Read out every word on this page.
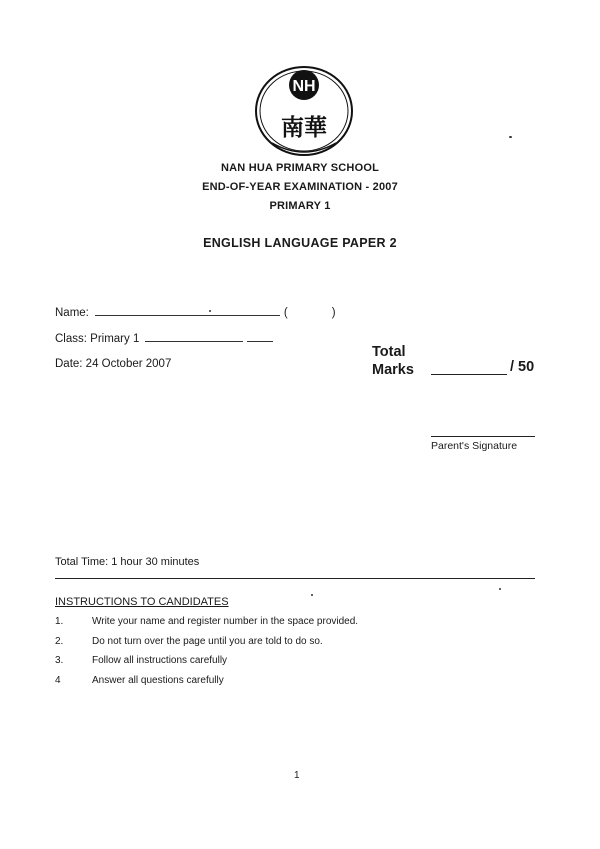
NH
南華
NAN HUA PRIMARY SCHOOL
END-OF-YEAR EXAMINATION - 2007
PRIMARY 1
ENGLISH LANGUAGE PAPER 2
Name:	(	)
Class: Primary 1
Date: 24 October 2007
Total
Marks	/ 50
Parent's Signature
Total Time: 1 hour 30 minutes
INSTRUCTIONS TO CANDIDATES
1.	Write your name and register number in the space provided.
2.	Do not turn over the page until you are told to do so.
3.	Follow all instructions carefully
4	Answer all questions carefully
1
